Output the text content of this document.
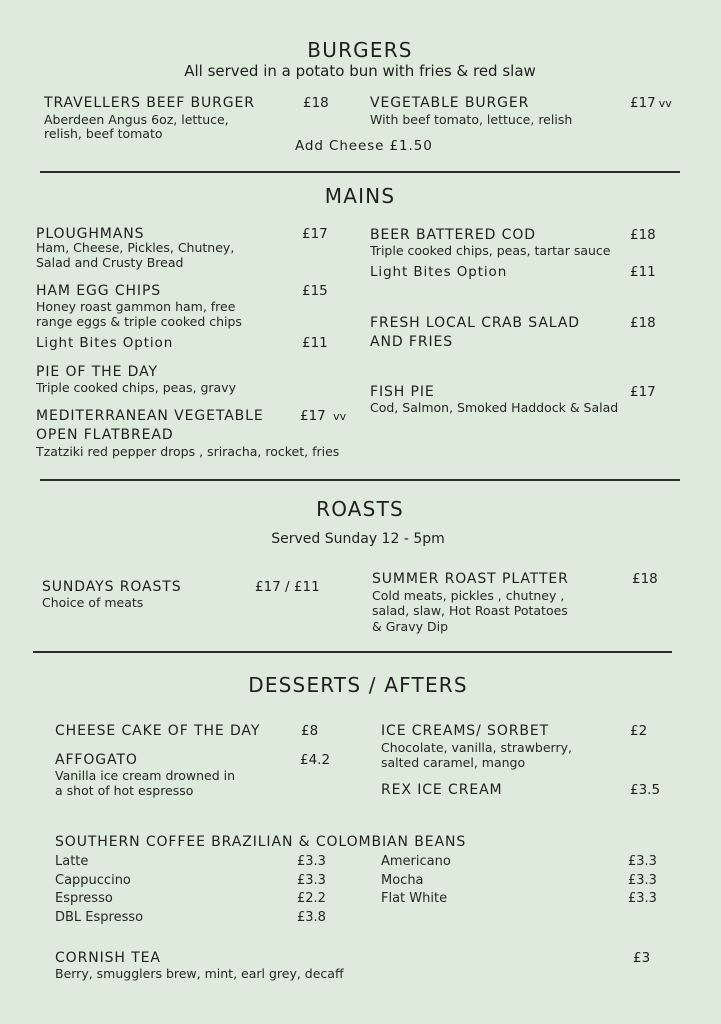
BURGERS
All served in a potato bun with fries & red slaw
TRAVELLERS BEEF BURGER	£18
Aberdeen Angus 6oz, lettuce,
relish, beef tomato
VEGETABLE BURGER	£17 vv
With beef tomato, lettuce, relish
Add Cheese £1.50
MAINS
PLOUGHMANS	£17
Ham, Cheese, Pickles, Chutney,
Salad and Crusty Bread
HAM EGG CHIPS	£15
Honey roast gammon ham, free
range eggs & triple cooked chips
Light Bites Option	£11
PIE OF THE DAY
Triple cooked chips, peas, gravy
MEDITERRANEAN VEGETABLE	£17 vv
OPEN FLATBREAD
Tzatziki red pepper drops , sriracha, rocket, fries
BEER BATTERED COD	£18
Triple cooked chips, peas, tartar sauce
Light Bites Option	£11
FRESH LOCAL CRAB SALAD	£18
AND FRIES
FISH PIE	£17
Cod, Salmon, Smoked Haddock & Salad
ROASTS
Served Sunday 12 - 5pm
SUNDAYS ROASTS	£17 / £11
Choice of meats
SUMMER ROAST PLATTER	£18
Cold meats, pickles , chutney ,
salad, slaw, Hot Roast Potatoes
& Gravy Dip
DESSERTS / AFTERS
CHEESE CAKE OF THE DAY	£8
AFFOGATO	£4.2
Vanilla ice cream drowned in
a shot of hot espresso
ICE CREAMS/ SORBET	£2
Chocolate, vanilla, strawberry,
salted caramel, mango
REX ICE CREAM	£3.5
SOUTHERN COFFEE BRAZILIAN & COLOMBIAN BEANS
Latte	£3.3
Cappuccino	£3.3
Espresso	£2.2
DBL Espresso	£3.8
Americano	£3.3
Mocha	£3.3
Flat White	£3.3
CORNISH TEA	£3
Berry, smugglers brew, mint, earl grey, decaff
